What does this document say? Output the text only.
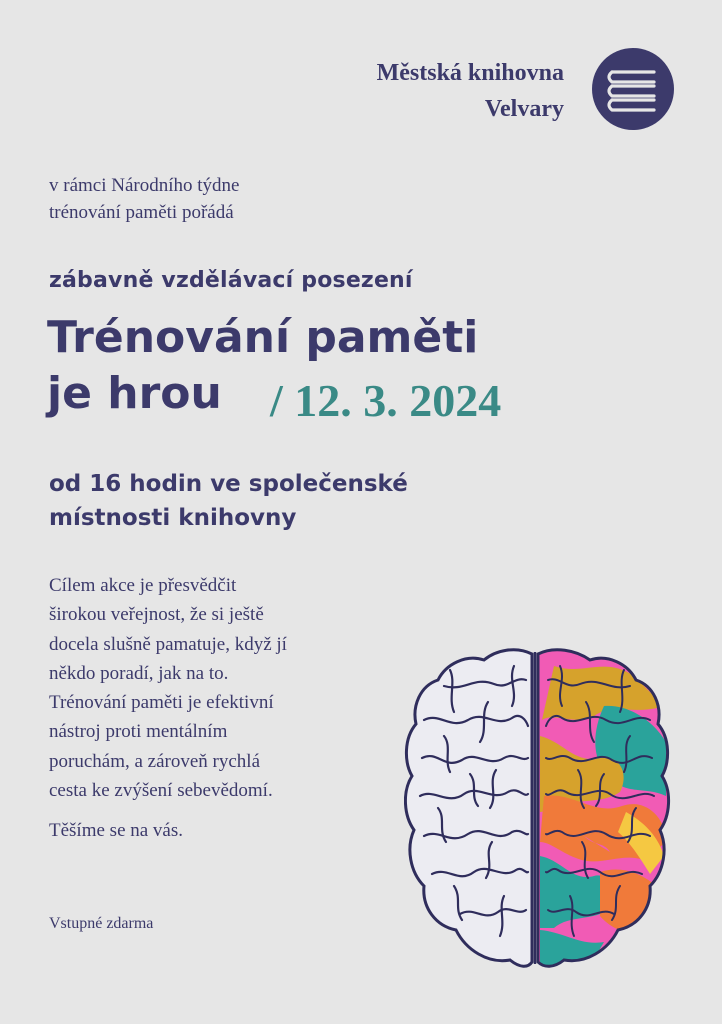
Městská knihovna
Velvary
v rámci Národního týdne
trénování paměti pořádá
zábavně vzdělávací posezení
Trénování paměti
je hrou	/ 12. 3. 2024
od 16 hodin ve společenské
místnosti knihovny
Cílem akce je přesvědčit
širokou veřejnost, že si ještě
docela slušně pamatuje, když jí
někdo poradí, jak na to.
Trénování paměti je efektivní
nástroj proti mentálním
poruchám, a zároveň rychlá
cesta ke zvýšení sebevědomí.
Těšíme se na vás.
Vstupné zdarma
